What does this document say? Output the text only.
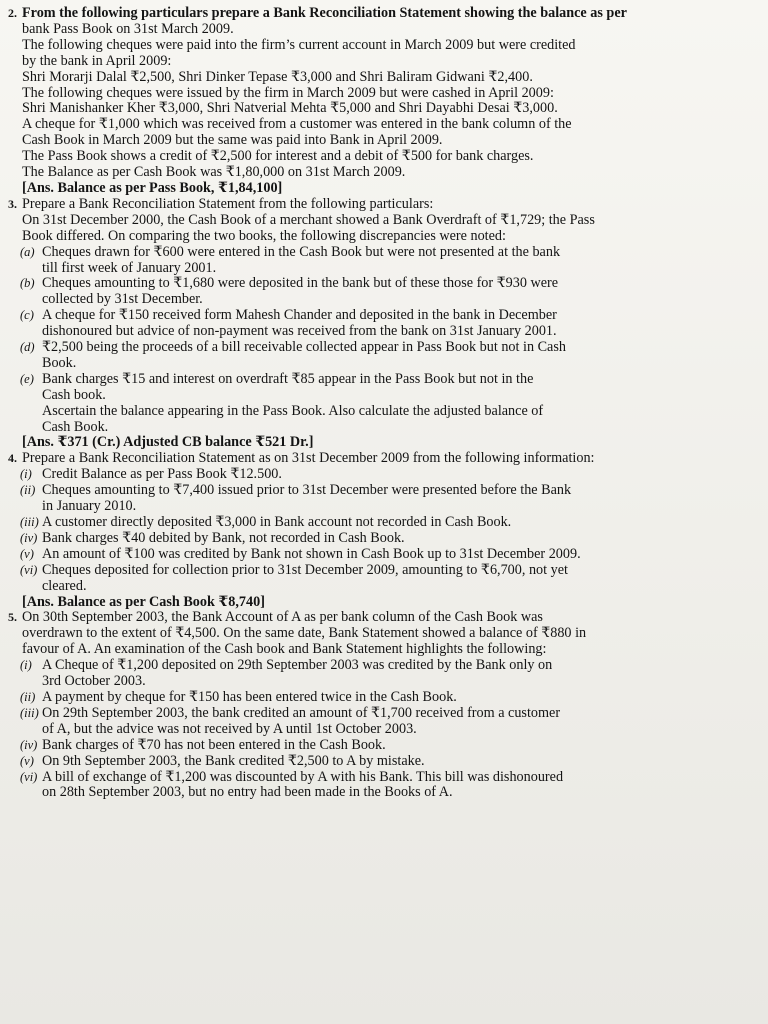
2. From the following particulars prepare a Bank Reconciliation Statement showing the balance as per
bank Pass Book on 31st March 2009.
The following cheques were paid into the firm’s current account in March 2009 but were credited
by the bank in April 2009:
Shri Morarji Dalal ₹2,500, Shri Dinker Tepase ₹3,000 and Shri Baliram Gidwani ₹2,400.
The following cheques were issued by the firm in March 2009 but were cashed in April 2009:
Shri Manishanker Kher ₹3,000, Shri Natverial Mehta ₹5,000 and Shri Dayabhi Desai ₹3,000.
A cheque for ₹1,000 which was received from a customer was entered in the bank column of the
Cash Book in March 2009 but the same was paid into Bank in April 2009.
The Pass Book shows a credit of ₹2,500 for interest and a debit of ₹500 for bank charges.
The Balance as per Cash Book was ₹1,80,000 on 31st March 2009.
[Ans. Balance as per Pass Book, ₹1,84,100]
3. Prepare a Bank Reconciliation Statement from the following particulars:
On 31st December 2000, the Cash Book of a merchant showed a Bank Overdraft of ₹1,729; the Pass
Book differed. On comparing the two books, the following discrepancies were noted:
(a) Cheques drawn for ₹600 were entered in the Cash Book but were not presented at the bank
till first week of January 2001.
(b) Cheques amounting to ₹1,680 were deposited in the bank but of these those for ₹930 were
collected by 31st December.
(c) A cheque for ₹150 received form Mahesh Chander and deposited in the bank in December
dishonoured but advice of non-payment was received from the bank on 31st January 2001.
(d) ₹2,500 being the proceeds of a bill receivable collected appear in Pass Book but not in Cash
Book.
(e) Bank charges ₹15 and interest on overdraft ₹85 appear in the Pass Book but not in the
Cash book.
Ascertain the balance appearing in the Pass Book. Also calculate the adjusted balance of
Cash Book.
[Ans. ₹371 (Cr.) Adjusted CB balance ₹521 Dr.]
4. Prepare a Bank Reconciliation Statement as on 31st December 2009 from the following information:
(i) Credit Balance as per Pass Book ₹12.500.
(ii) Cheques amounting to ₹7,400 issued prior to 31st December were presented before the Bank
in January 2010.
(iii) A customer directly deposited ₹3,000 in Bank account not recorded in Cash Book.
(iv) Bank charges ₹40 debited by Bank, not recorded in Cash Book.
(v) An amount of ₹100 was credited by Bank not shown in Cash Book up to 31st December 2009.
(vi) Cheques deposited for collection prior to 31st December 2009, amounting to ₹6,700, not yet
cleared.
[Ans. Balance as per Cash Book ₹8,740]
5. On 30th September 2003, the Bank Account of A as per bank column of the Cash Book was
overdrawn to the extent of ₹4,500. On the same date, Bank Statement showed a balance of ₹880 in
favour of A. An examination of the Cash book and Bank Statement highlights the following:
(i) A Cheque of ₹1,200 deposited on 29th September 2003 was credited by the Bank only on
3rd October 2003.
(ii) A payment by cheque for ₹150 has been entered twice in the Cash Book.
(iii) On 29th September 2003, the bank credited an amount of ₹1,700 received from a customer
of A, but the advice was not received by A until 1st October 2003.
(iv) Bank charges of ₹70 has not been entered in the Cash Book.
(v) On 9th September 2003, the Bank credited ₹2,500 to A by mistake.
(vi) A bill of exchange of ₹1,200 was discounted by A with his Bank. This bill was dishonoured
on 28th September 2003, but no entry had been made in the Books of A.
